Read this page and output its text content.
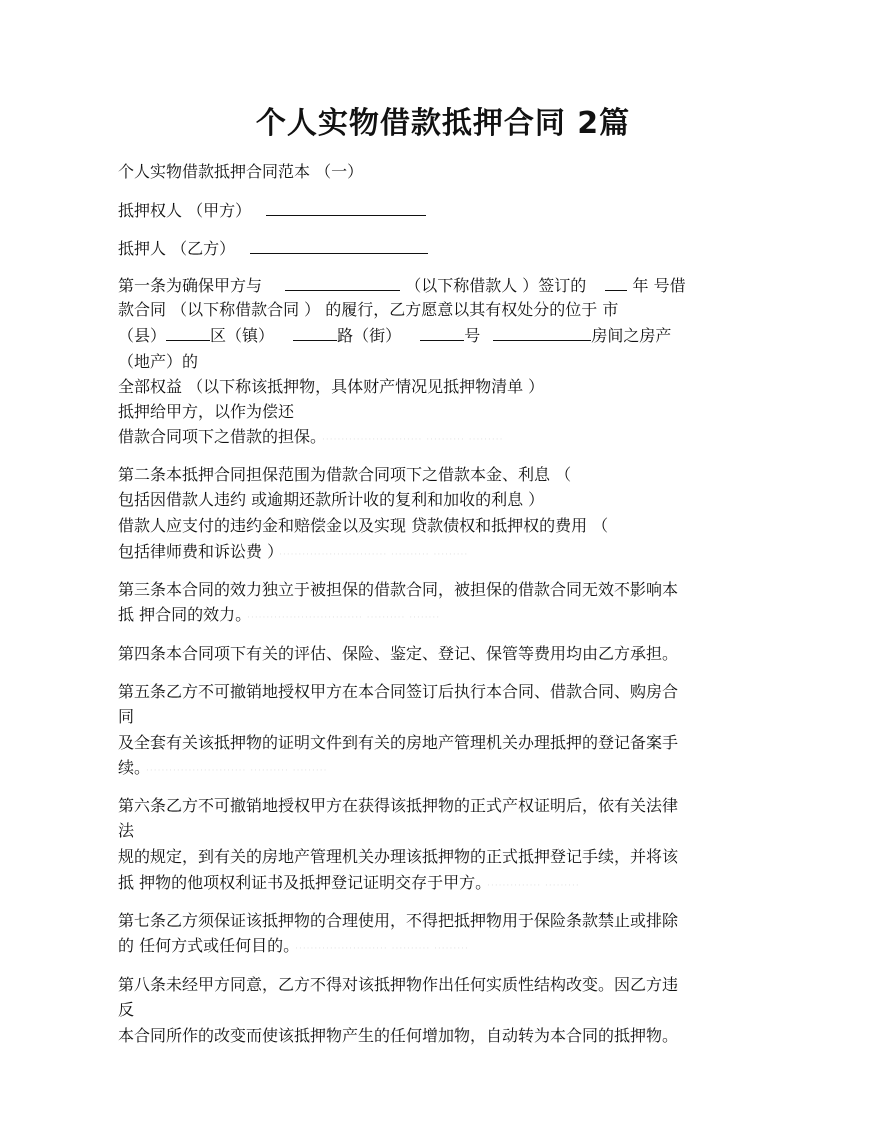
个人实物借款抵押合同 2篇
个人实物借款抵押合同范本 （一）
抵押权人 （甲方）
抵押人 （乙方）
第一条为确保甲方与	（以下称借款人 ）签订的	年 号借
款合同 （以下称借款合同 ） 的履行，乙方愿意以其有权处分的位于 市
（县）	区（镇）	路（街）	号	房间之房产
（地产）的
全部权益 （以下称该抵押物，具体财产情况见抵押物清单 ）
抵押给甲方，以作为偿还
借款合同项下之借款的担保。 ·························· ·········· ·········
第二条本抵押合同担保范围为借款合同项下之借款本金、利息 （
包括因借款人违约 或逾期还款所计收的复利和加收的利息 ）
借款人应支付的违约金和赔偿金以及实现 贷款债权和抵押权的费用 （
包括律师费和诉讼费 ） ···························· ·········· ·········
第三条本合同的效力独立于被担保的借款合同，被担保的借款合同无效不影响本
抵 押合同的效力。 ······························ ·········· ········
第四条本合同项下有关的评估、保险、鉴定、登记、保管等费用均由乙方承担。
第五条乙方不可撤销地授权甲方在本合同签订后执行本合同、借款合同、购房合
同
及全套有关该抵押物的证明文件到有关的房地产管理机关办理抵押的登记备案手
续。 ·························· ·········· ·········
第六条乙方不可撤销地授权甲方在获得该抵押物的正式产权证明后，依有关法律
法
规的规定，到有关的房地产管理机关办理该抵押物的正式抵押登记手续，并将该
抵 押物的他项权利证书及抵押登记证明交存于甲方。 ·············· ·········
第七条乙方须保证该抵押物的合理使用，不得把抵押物用于保险条款禁止或排除
的 任何方式或任何目的。 ························ ·········· ·········
第八条未经甲方同意，乙方不得对该抵押物作出任何实质性结构改变。因乙方违
反
本合同所作的改变而使该抵押物产生的任何增加物，自动转为本合同的抵押物。
